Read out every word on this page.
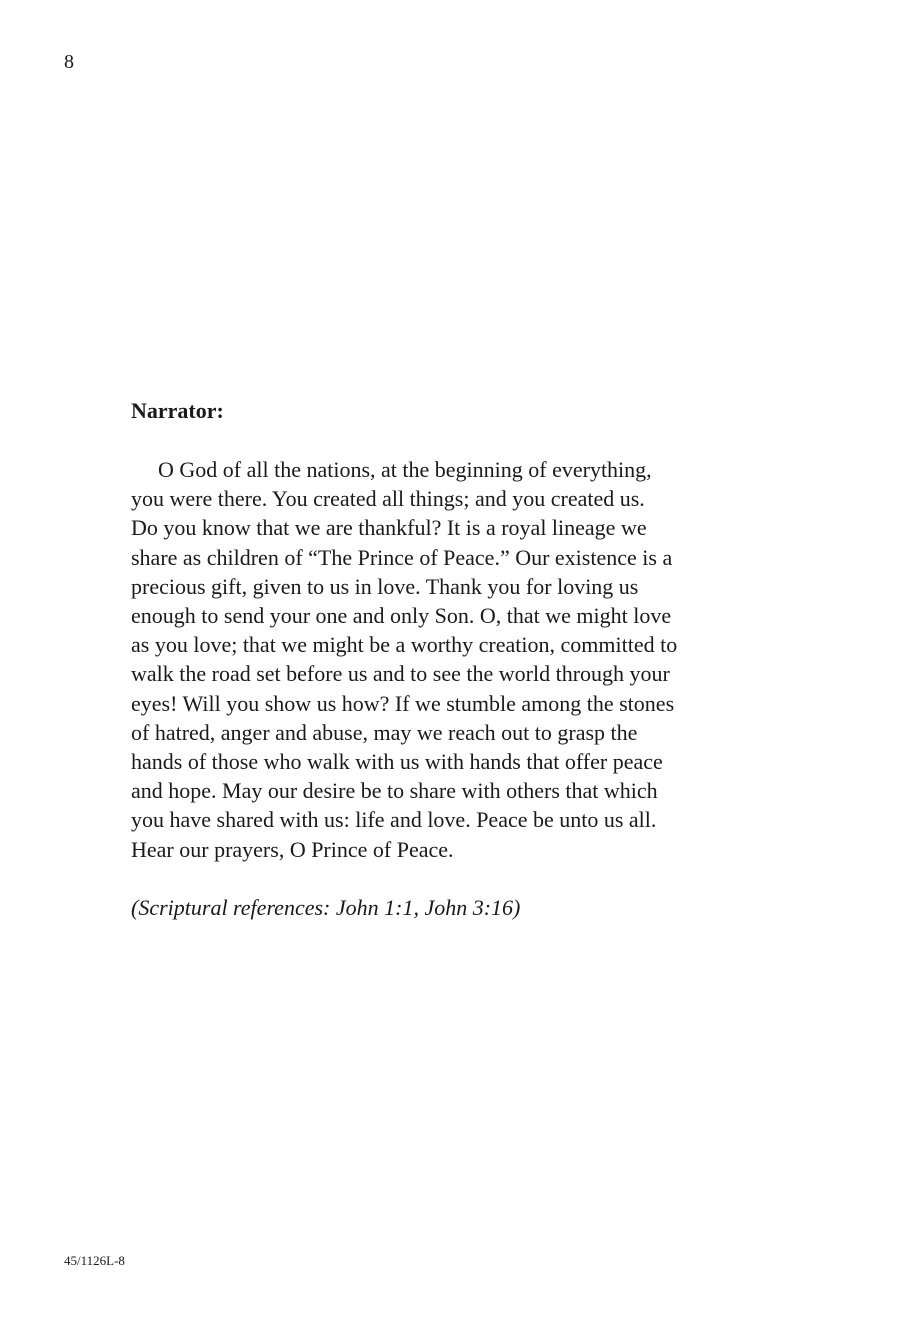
8

Narrator:

O God of all the nations, at the beginning of everything,

you were there. You created all things; and you created us.

Do you know that we are thankful? It is a royal lineage we

share as children of “The Prince of Peace.” Our existence is a

precious gift, given to us in love. Thank you for loving us

enough to send your one and only Son. O, that we might love

as you love; that we might be a worthy creation, committed to

walk the road set before us and to see the world through your

eyes! Will you show us how? If we stumble among the stones

of hatred, anger and abuse, may we reach out to grasp the

hands of those who walk with us with hands that offer peace

and hope. May our desire be to share with others that which

you have shared with us: life and love. Peace be unto us all.

Hear our prayers, O Prince of Peace.

(Scriptural references: John 1:1, John 3:16)

45/1126L-8
